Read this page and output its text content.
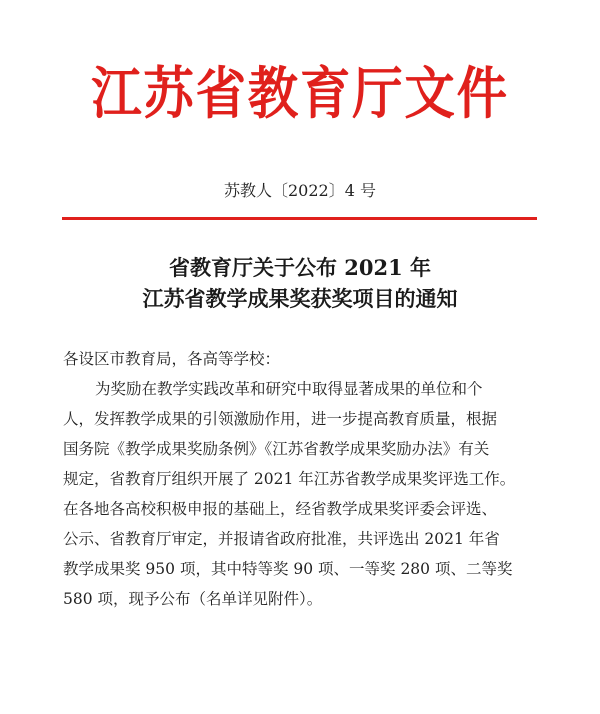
江苏省教育厅文件
苏教人〔2022〕4 号
省教育厅关于公布 2021 年
江苏省教学成果奖获奖项目的通知
各设区市教育局，各高等学校：
为奖励在教学实践改革和研究中取得显著成果的单位和个
人，发挥教学成果的引领激励作用，进一步提高教育质量，根据
国务院《教学成果奖励条例》《江苏省教学成果奖励办法》有关
规定，省教育厅组织开展了 2021 年江苏省教学成果奖评选工作。
在各地各高校积极申报的基础上，经省教学成果奖评委会评选、
公示、省教育厅审定，并报请省政府批准，共评选出 2021 年省
教学成果奖 950 项，其中特等奖 90 项、一等奖 280 项、二等奖
580 项，现予公布（名单详见附件）。
